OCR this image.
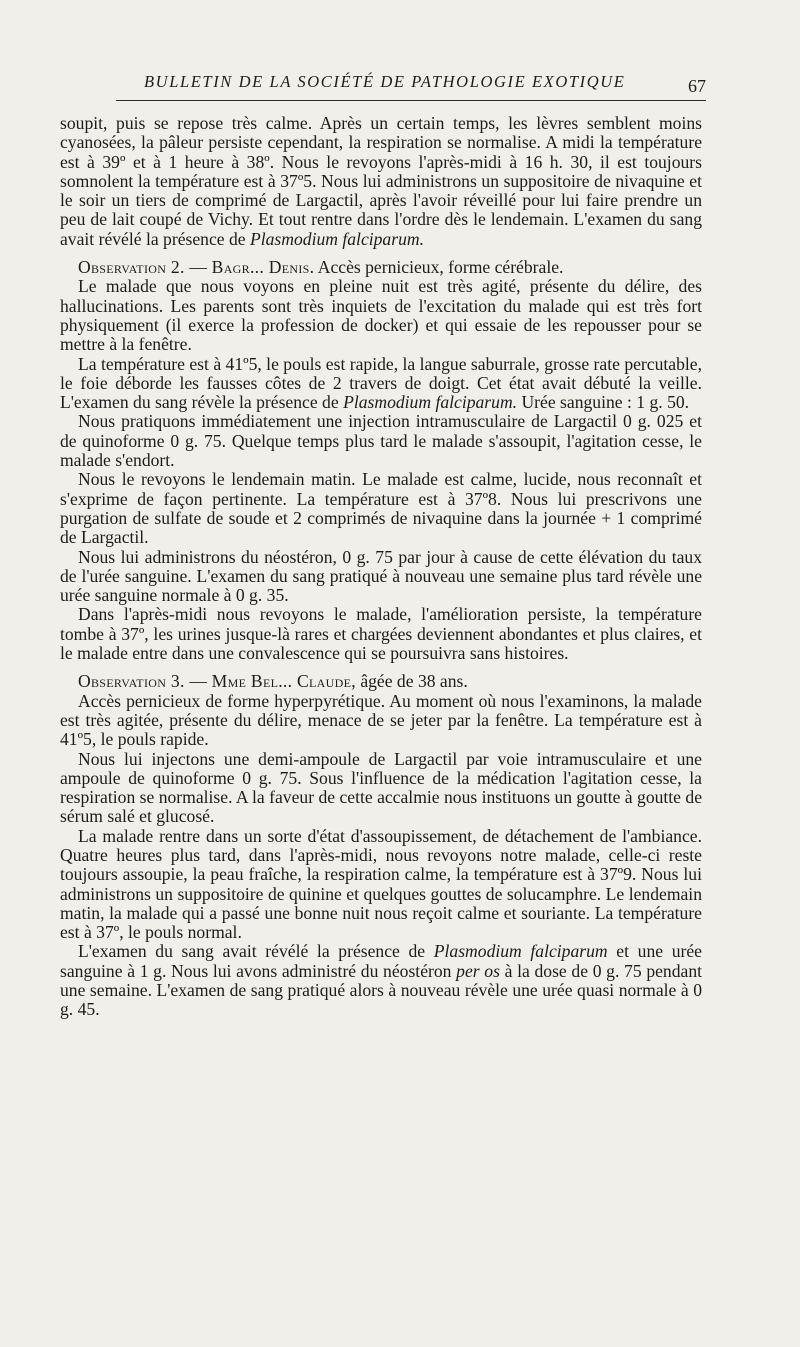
BULLETIN DE LA SOCIÉTÉ DE PATHOLOGIE EXOTIQUE	67

soupit, puis se repose très calme. Après un certain temps, les lèvres semblent moins cyanosées, la pâleur persiste cependant, la respiration se normalise. A midi la température est à 39º et à 1 heure à 38º. Nous le revoyons l'après-midi à 16 h. 30, il est toujours somnolent la température est à 37º5. Nous lui administrons un suppositoire de nivaquine et le soir un tiers de comprimé de Largactil, après l'avoir réveillé pour lui faire prendre un peu de lait coupé de Vichy. Et tout rentre dans l'ordre dès le lendemain. L'examen du sang avait révélé la présence de Plasmodium falciparum.

Observation 2. — Bagr... Denis. Accès pernicieux, forme cérébrale.

Le malade que nous voyons en pleine nuit est très agité, présente du délire, des hallucinations. Les parents sont très inquiets de l'excitation du malade qui est très fort physiquement (il exerce la profession de docker) et qui essaie de les repousser pour se mettre à la fenêtre.

La température est à 41º5, le pouls est rapide, la langue saburrale, grosse rate percutable, le foie déborde les fausses côtes de 2 travers de doigt. Cet état avait débuté la veille. L'examen du sang révèle la présence de Plasmodium falciparum. Urée sanguine : 1 g. 50.

Nous pratiquons immédiatement une injection intramusculaire de Largactil 0 g. 025 et de quinoforme 0 g. 75. Quelque temps plus tard le malade s'assoupit, l'agitation cesse, le malade s'endort.

Nous le revoyons le lendemain matin. Le malade est calme, lucide, nous reconnaît et s'exprime de façon pertinente. La température est à 37º8. Nous lui prescrivons une purgation de sulfate de soude et 2 comprimés de nivaquine dans la journée + 1 comprimé de Largactil.

Nous lui administrons du néostéron, 0 g. 75 par jour à cause de cette élévation du taux de l'urée sanguine. L'examen du sang pratiqué à nouveau une semaine plus tard révèle une urée sanguine normale à 0 g. 35.

Dans l'après-midi nous revoyons le malade, l'amélioration persiste, la température tombe à 37º, les urines jusque-là rares et chargées deviennent abondantes et plus claires, et le malade entre dans une convalescence qui se poursuivra sans histoires.

Observation 3. — Mme Bel... Claude, âgée de 38 ans.

Accès pernicieux de forme hyperpyrétique. Au moment où nous l'examinons, la malade est très agitée, présente du délire, menace de se jeter par la fenêtre. La température est à 41º5, le pouls rapide.

Nous lui injectons une demi-ampoule de Largactil par voie intramusculaire et une ampoule de quinoforme 0 g. 75. Sous l'influence de la médication l'agitation cesse, la respiration se normalise. A la faveur de cette accalmie nous instituons un goutte à goutte de sérum salé et glucosé.

La malade rentre dans un sorte d'état d'assoupissement, de détachement de l'ambiance. Quatre heures plus tard, dans l'après-midi, nous revoyons notre malade, celle-ci reste toujours assoupie, la peau fraîche, la respiration calme, la température est à 37º9. Nous lui administrons un suppositoire de quinine et quelques gouttes de solucamphre. Le lendemain matin, la malade qui a passé une bonne nuit nous reçoit calme et souriante. La température est à 37º, le pouls normal.

L'examen du sang avait révélé la présence de Plasmodium falciparum et une urée sanguine à 1 g. Nous lui avons administré du néostéron per os à la dose de 0 g. 75 pendant une semaine. L'examen de sang pratiqué alors à nouveau révèle une urée quasi normale à 0 g. 45.
